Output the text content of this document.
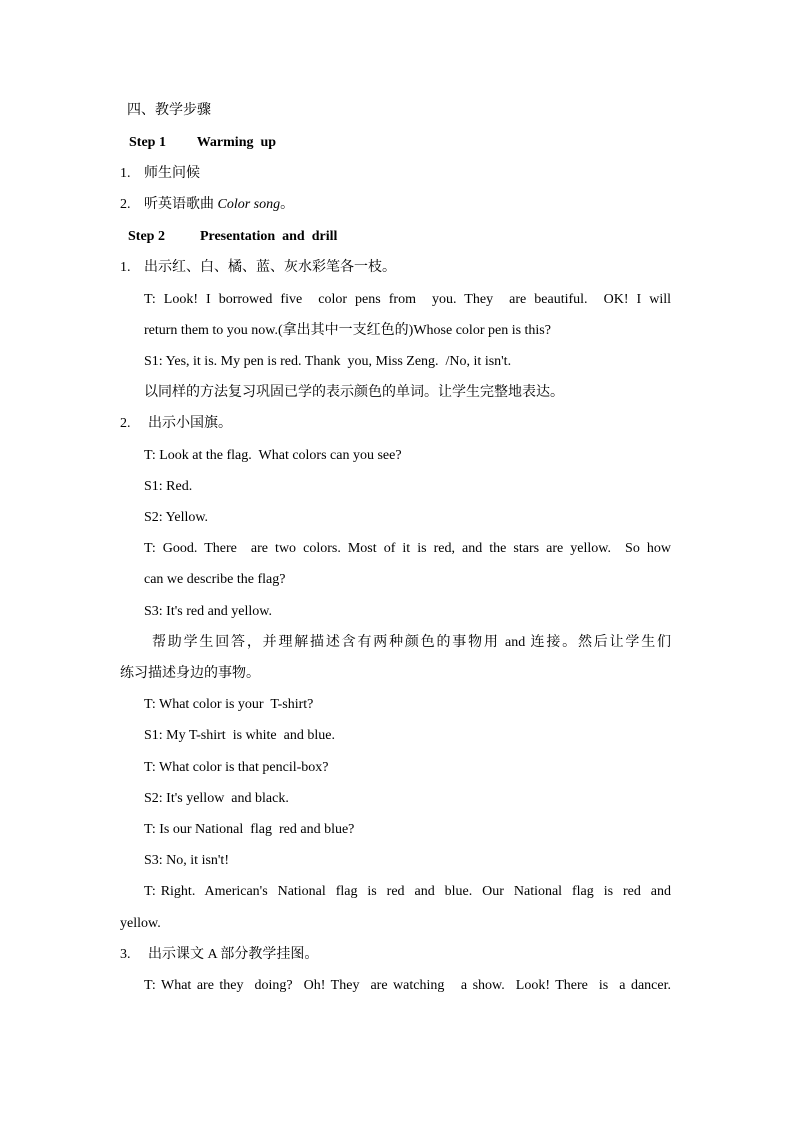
四、教学步骤
Step 1 Warming  up
1. 师生问候
2. 听英语歌曲 Color song。
Step 2	Presentation  and  drill
1. 出示红、白、橘、蓝、灰水彩笔各一枝。
T: Look! I borrowed five  color pens from  you. They  are beautiful.  OK! I will
return them to you now.(拿出其中一支红色的)Whose color pen is this?
S1: Yes, it is. My pen is red. Thank  you, Miss Zeng.  /No, it isn't.
以同样的方法复习巩固已学的表示颜色的单词。让学生完整地表达。
2. 出示小国旗。
T: Look at the flag.  What colors can you see?
S1: Red.
S2: Yellow.
T: Good. There  are two colors. Most of it is red, and the stars are yellow.  So how
can we describe the flag?
S3: It's red and yellow.
帮助学生回答，并理解描述含有两种颜色的事物用 and 连接。然后让学生们
练习描述身边的事物。
T: What color is your  T-shirt?
S1: My T-shirt  is white  and blue.
T: What color is that pencil-box?
S2: It's yellow  and black.
T: Is our National  flag  red and blue?
S3: No, it isn't!
T: Right.  American's  National  flag  is  red  and  blue.  Our  National  flag  is  red  and
yellow.
3. 出示课文 A 部分教学挂图。
T: What are they  doing?  Oh! They  are watching   a show.  Look! There  is  a dancer.
